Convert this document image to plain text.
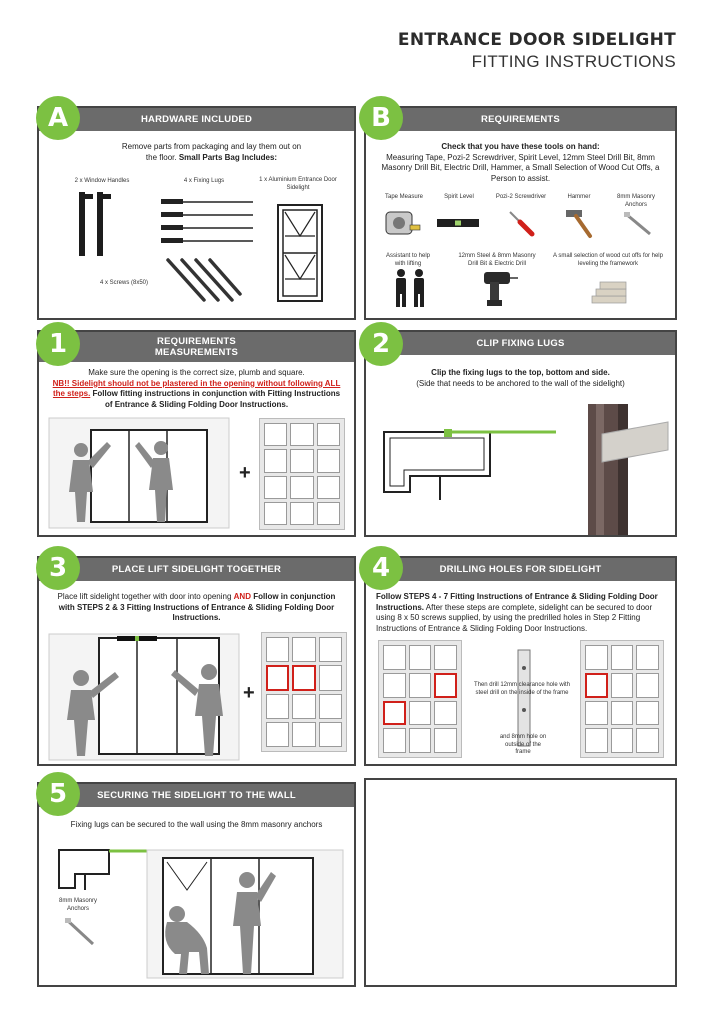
ENTRANCE DOOR SIDELIGHT
FITTING INSTRUCTIONS
A	HARDWARE INCLUDED
Remove parts from packaging and lay them out on the floor. Small Parts Bag Includes:
2 x Window Handles	4 x Fixing Lugs	1 x Aluminium Entrance Door Sidelight
4 x Screws (8x50)
B	REQUIREMENTS
Check that you have these tools on hand:
Measuring Tape, Pozi-2 Screwdriver, Spirit Level, 12mm Steel Drill Bit, 8mm Masonry Drill Bit, Electric Drill, Hammer, a Small Selection of Wood Cut Offs, a Person to assist.
Tape Measure	Spirit Level	Pozi-2 Screwdriver	Hammer	8mm Masonry Anchors
Assistant to help with lifting
12mm Steel & 8mm Masonry Drill Bit & Electric Drill
A small selection of wood cut offs for help leveling the framework
1	REQUIREMENTS
MEASUREMENTS
Make sure the opening is the correct size, plumb and square.
NB!! Sidelight should not be plastered in the opening without following ALL the steps. Follow fitting instructions in conjunction with Fitting Instructions of Entrance & Sliding Folding Door Instructions.
+
2	CLIP FIXING LUGS
Clip the fixing lugs to the top, bottom and side.
(Side that needs to be anchored to the wall of the sidelight)
3	PLACE LIFT SIDELIGHT TOGETHER
Place lift sidelight together with door into opening AND Follow in conjunction with STEPS 2 & 3 Fitting Instructions of Entrance & Sliding Folding Door Instructions.
+
4	DRILLING HOLES FOR SIDELIGHT
Follow STEPS 4 - 7 Fitting Instructions of Entrance & Sliding Folding Door Instructions. After these steps are complete, sidelight can be secured to door using 8 x 50 screws supplied, by using the predrilled holes in Step 2 Fitting Instructions of Entrance & Sliding Folding Door Instructions.
Then drill 12mm clearance hole with steel drill on the inside of the frame
and 8mm hole on outside of the frame
5	SECURING THE SIDELIGHT TO THE WALL
Fixing lugs can be secured to the wall using the 8mm masonry anchors
8mm Masonry Anchors
